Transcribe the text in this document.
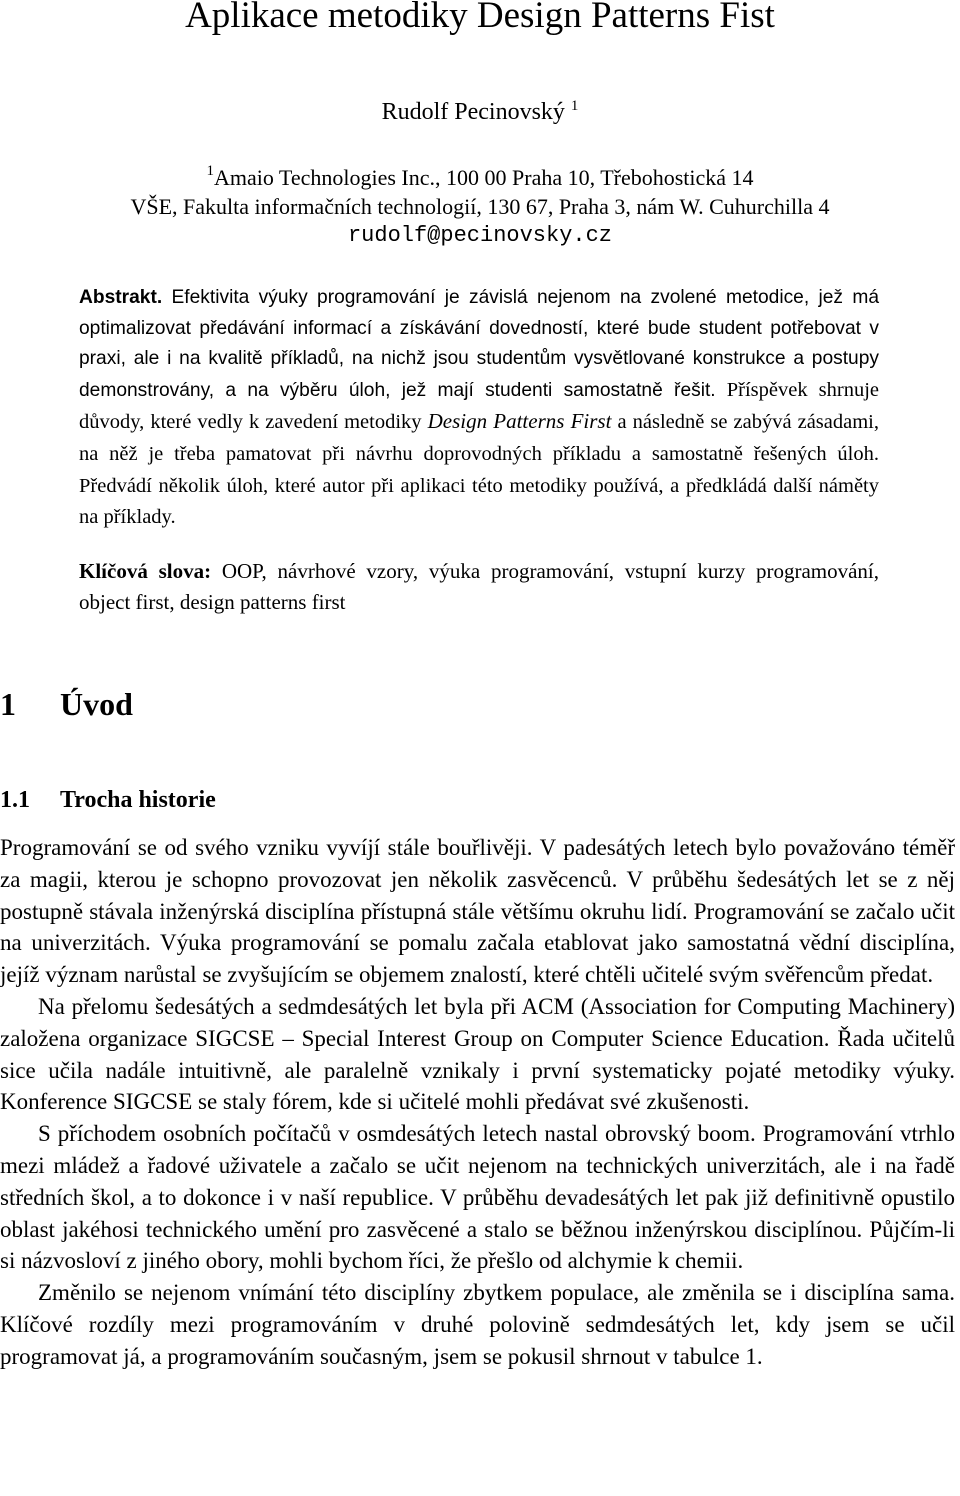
Aplikace metodiky Design Patterns Fist
Rudolf Pecinovský $^1$
$^1$Amaio Technologies Inc., 100 00 Praha 10, Třebohostická 14
VŠE, Fakulta informačních technologií, 130 67, Praha 3, nám W. Cuhurchilla 4
rudolf@pecinovsky.cz

Abstrakt. Efektivita výuky programování je závislá nejenom na zvolené metodice, jež má optimalizovat předávání informací a získávání dovedností, které bude student potřebovat v praxi, ale i na kvalitě příkladů, na nichž jsou studentům vysvětlované konstrukce a postupy demonstrovány, a na výběru úloh, jež mají studenti samostatně řešit. Příspěvek shrnuje důvody, které vedly k zavedení metodiky Design Patterns First a následně se zabývá zásadami, na něž je třeba pamatovat při návrhu doprovodných příkladu a samostatně řešených úloh. Předvádí několik úloh, které autor při aplikaci této metodiky používá, a předkládá další náměty na příklady.

Klíčová slova: OOP, návrhové vzory, výuka programování, vstupní kurzy programování, object first, design patterns first

1 Úvod
1.1 Trocha historie

Programování se od svého vzniku vyvíjí stále bouřlivěji. V padesátých letech bylo považováno téměř za magii, kterou je schopno provozovat jen několik zasvěcenců. V průběhu šedesátých let se z něj postupně stávala inženýrská disciplína přístupná stále většímu okruhu lidí. Programování se začalo učit na univerzitách. Výuka programování se pomalu začala etablovat jako samostatná vědní disciplína, jejíž význam narůstal se zvyšujícím se objemem znalostí, které chtěli učitelé svým svěřencům předat.

Na přelomu šedesátých a sedmdesátých let byla při ACM (Association for Computing Machinery) založena organizace SIGCSE – Special Interest Group on Computer Science Education. Řada učitelů sice učila nadále intuitivně, ale paralelně vznikaly i první systematicky pojaté metodiky výuky. Konference SIGCSE se staly fórem, kde si učitelé mohli předávat své zkušenosti.

S příchodem osobních počítačů v osmdesátých letech nastal obrovský boom. Programování vtrhlo mezi mládež a řadové uživatele a začalo se učit nejenom na technických univerzitách, ale i na řadě středních škol, a to dokonce i v naší republice. V průběhu devadesátých let pak již definitivně opustilo oblast jakéhosi technického umění pro zasvěcené a stalo se běžnou inženýrskou disciplínou. Půjčím-li si názvosloví z jiného obory, mohli bychom říci, že přešlo od alchymie k chemii.

Změnilo se nejenom vnímání této disciplíny zbytkem populace, ale změnila se i disciplína sama. Klíčové rozdíly mezi programováním v druhé polovině sedmdesátých let, kdy jsem se učil programovat já, a programováním současným, jsem se pokusil shrnout v tabulce 1.
